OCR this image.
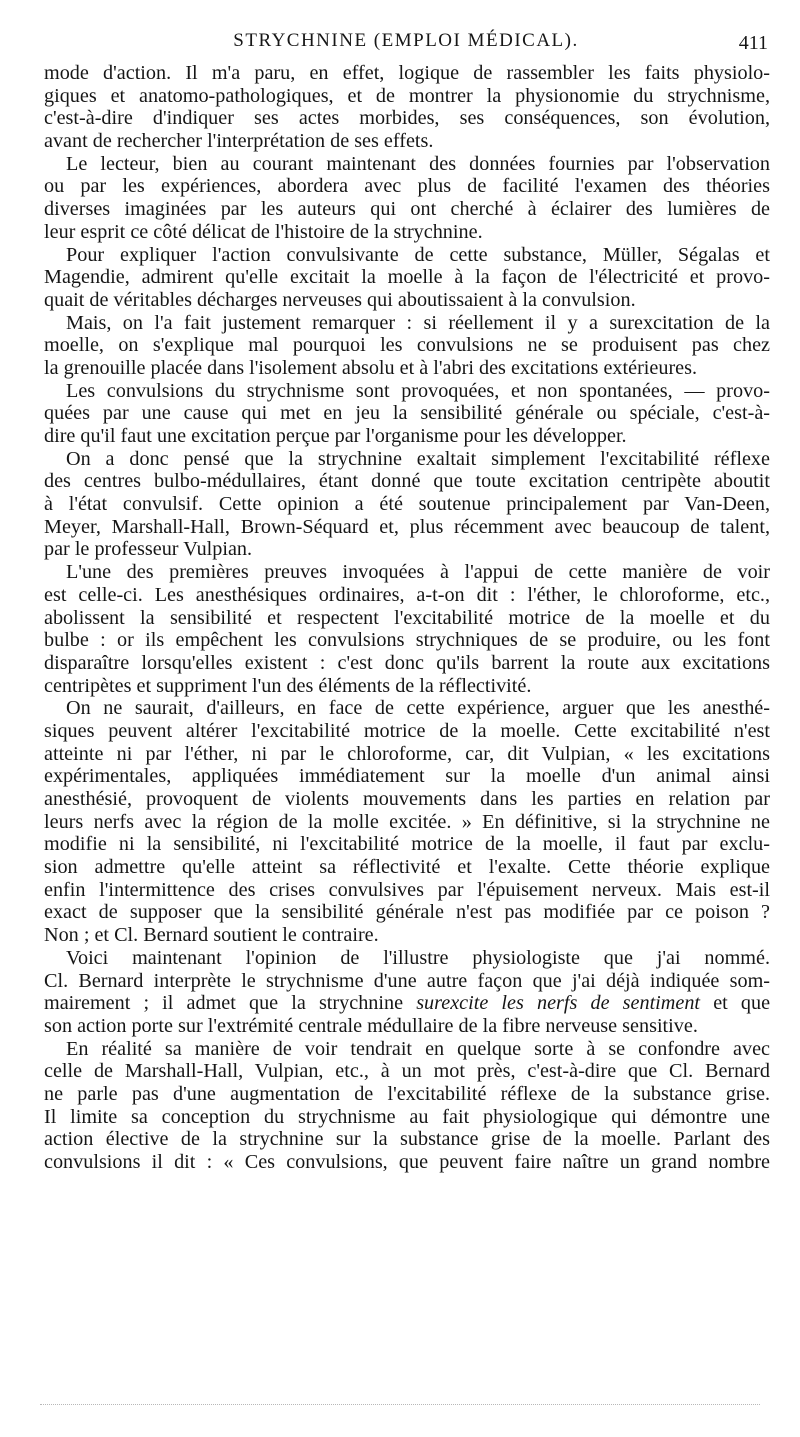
STRYCHNINE (EMPLOI MÉDICAL).	411
mode d'action. Il m'a paru, en effet, logique de rassembler les faits physiolo-
giques et anatomo-pathologiques, et de montrer la physionomie du strychnisme,
c'est-à-dire d'indiquer ses actes morbides, ses conséquences, son évolution,
avant de rechercher l'interprétation de ses effets.
Le lecteur, bien au courant maintenant des données fournies par l'observation
ou par les expériences, abordera avec plus de facilité l'examen des théories
diverses imaginées par les auteurs qui ont cherché à éclairer des lumières de
leur esprit ce côté délicat de l'histoire de la strychnine.
Pour expliquer l'action convulsivante de cette substance, Müller, Ségalas et
Magendie, admirent qu'elle excitait la moelle à la façon de l'électricité et provo-
quait de véritables décharges nerveuses qui aboutissaient à la convulsion.
Mais, on l'a fait justement remarquer : si réellement il y a surexcitation de la
moelle, on s'explique mal pourquoi les convulsions ne se produisent pas chez
la grenouille placée dans l'isolement absolu et à l'abri des excitations extérieures.
Les convulsions du strychnisme sont provoquées, et non spontanées, — provo-
quées par une cause qui met en jeu la sensibilité générale ou spéciale, c'est-à-
dire qu'il faut une excitation perçue par l'organisme pour les développer.
On a donc pensé que la strychnine exaltait simplement l'excitabilité réflexe
des centres bulbo-médullaires, étant donné que toute excitation centripète aboutit
à l'état convulsif. Cette opinion a été soutenue principalement par Van-Deen,
Meyer, Marshall-Hall, Brown-Séquard et, plus récemment avec beaucoup de talent,
par le professeur Vulpian.
L'une des premières preuves invoquées à l'appui de cette manière de voir
est celle-ci. Les anesthésiques ordinaires, a-t-on dit : l'éther, le chloroforme, etc.,
abolissent la sensibilité et respectent l'excitabilité motrice de la moelle et du
bulbe : or ils empêchent les convulsions strychniques de se produire, ou les font
disparaître lorsqu'elles existent : c'est donc qu'ils barrent la route aux excitations
centripètes et suppriment l'un des éléments de la réflectivité.
On ne saurait, d'ailleurs, en face de cette expérience, arguer que les anesthé-
siques peuvent altérer l'excitabilité motrice de la moelle. Cette excitabilité n'est
atteinte ni par l'éther, ni par le chloroforme, car, dit Vulpian, « les excitations
expérimentales, appliquées immédiatement sur la moelle d'un animal ainsi
anesthésié, provoquent de violents mouvements dans les parties en relation par
leurs nerfs avec la région de la molle excitée. » En définitive, si la strychnine ne
modifie ni la sensibilité, ni l'excitabilité motrice de la moelle, il faut par exclu-
sion admettre qu'elle atteint sa réflectivité et l'exalte. Cette théorie explique
enfin l'intermittence des crises convulsives par l'épuisement nerveux. Mais est-il
exact de supposer que la sensibilité générale n'est pas modifiée par ce poison ?
Non ; et Cl. Bernard soutient le contraire.
Voici maintenant l'opinion de l'illustre physiologiste que j'ai nommé.
Cl. Bernard interprète le strychnisme d'une autre façon que j'ai déjà indiquée som-
mairement ; il admet que la strychnine surexcite les nerfs de sentiment et que
son action porte sur l'extrémité centrale médullaire de la fibre nerveuse sensitive.
En réalité sa manière de voir tendrait en quelque sorte à se confondre avec
celle de Marshall-Hall, Vulpian, etc., à un mot près, c'est-à-dire que Cl. Bernard
ne parle pas d'une augmentation de l'excitabilité réflexe de la substance grise.
Il limite sa conception du strychnisme au fait physiologique qui démontre une
action élective de la strychnine sur la substance grise de la moelle. Parlant des
convulsions il dit : « Ces convulsions, que peuvent faire naître un grand nombre
